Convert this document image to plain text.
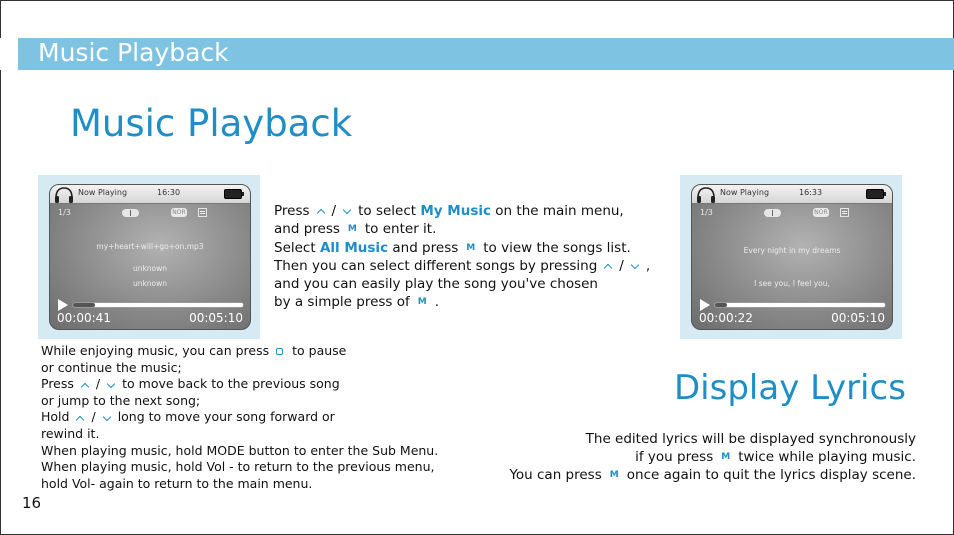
Music Playback
Music Playback
Now Playing	16:30
1/3	NOR
my+heart+will+go+on.mp3
unknown
unknown
00:00:41	00:05:10
Now Playing	16:33
1/3	NOR
Every night in my dreams
I see you, I feel you,
00:00:22	00:05:10
Press / to select My Music on the main menu,
and press M to enter it.
Select All Music and press M to view the songs list.
Then you can select different songs by pressing / ,
and you can easily play the song you've chosen
by a simple press of M .
While enjoying music, you can press to pause
or continue the music;
Press / to move back to the previous song
or jump to the next song;
Hold / long to move your song forward or
rewind it.
When playing music, hold MODE button to enter the Sub Menu.
When playing music, hold Vol - to return to the previous menu,
hold Vol- again to return to the main menu.
Display Lyrics
The edited lyrics will be displayed synchronously
if you press M twice while playing music.
You can press M once again to quit the lyrics display scene.
16
